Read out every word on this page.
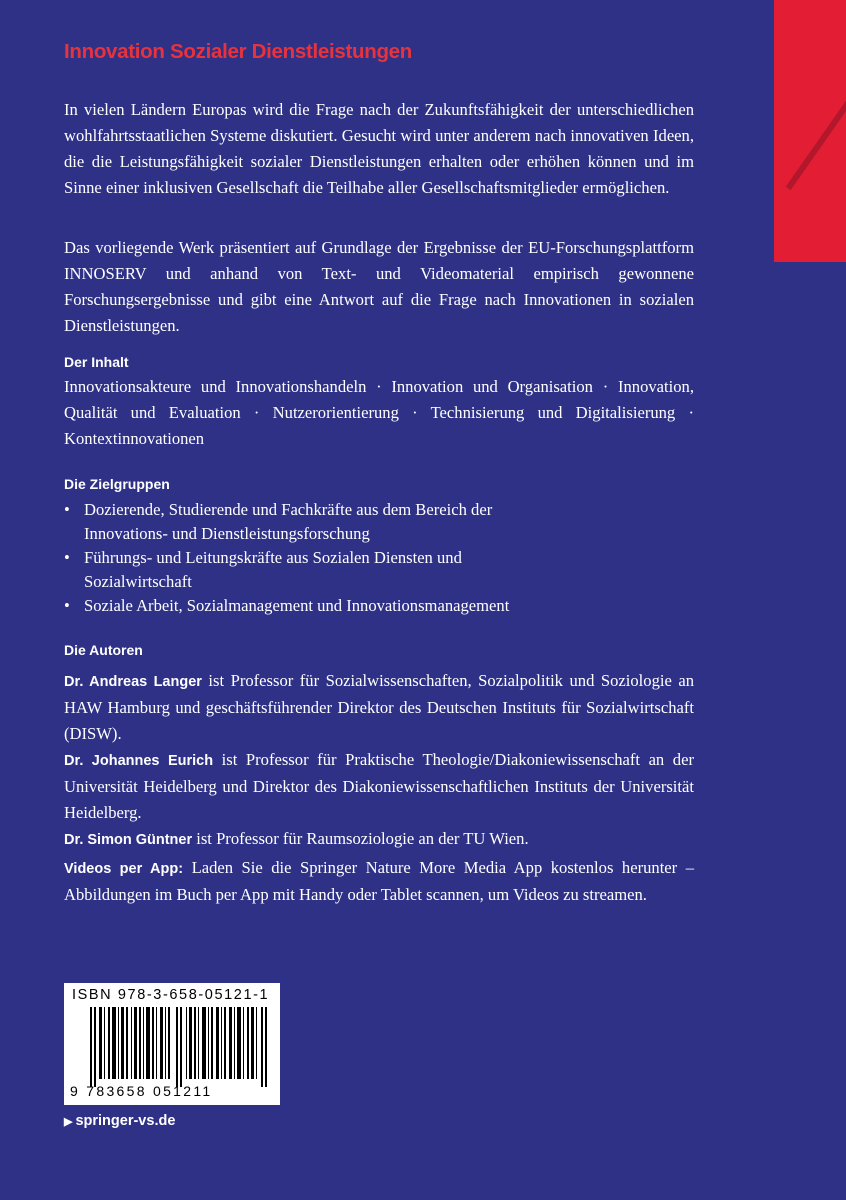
Innovation Sozialer Dienstleistungen

In vielen Ländern Europas wird die Frage nach der Zukunftsfähigkeit der unterschiedlichen wohlfahrtsstaatlichen Systeme diskutiert. Gesucht wird unter anderem nach innovativen Ideen, die die Leistungsfähigkeit sozialer Dienstleistungen erhalten oder erhöhen können und im Sinne einer inklusiven Gesellschaft die Teilhabe aller Gesellschaftsmitglieder ermöglichen.

Das vorliegende Werk präsentiert auf Grundlage der Ergebnisse der EU-Forschungsplattform INNOSERV und anhand von Text- und Videomaterial empirisch gewonnene Forschungsergebnisse und gibt eine Antwort auf die Frage nach Innovationen in sozialen Dienstleistungen.

Der Inhalt

Innovationsakteure und Innovationshandeln · Innovation und Organisation · Innovation, Qualität und Evaluation · Nutzerorientierung · Technisierung und Digitalisierung · Kontextinnovationen

Die Zielgruppen
• Dozierende, Studierende und Fachkräfte aus dem Bereich der Innovations- und Dienstleistungsforschung
• Führungs- und Leitungskräfte aus Sozialen Diensten und Sozialwirtschaft
• Soziale Arbeit, Sozialmanagement und Innovationsmanagement
Die Autoren

Dr. Andreas Langer ist Professor für Sozialwissenschaften, Sozialpolitik und Soziologie an HAW Hamburg und geschäftsführender Direktor des Deutschen Instituts für Sozialwirtschaft (DISW).

Dr. Johannes Eurich ist Professor für Praktische Theologie/Diakoniewissenschaft an der Universität Heidelberg und Direktor des Diakoniewissenschaftlichen Instituts der Universität Heidelberg.

Dr. Simon Güntner ist Professor für Raumsoziologie an der TU Wien.

Videos per App: Laden Sie die Springer Nature More Media App kostenlos herunter – Abbildungen im Buch per App mit Handy oder Tablet scannen, um Videos zu streamen.

ISBN 978-3-658-05121-1
9 783658 051211
▶ springer-vs.de
